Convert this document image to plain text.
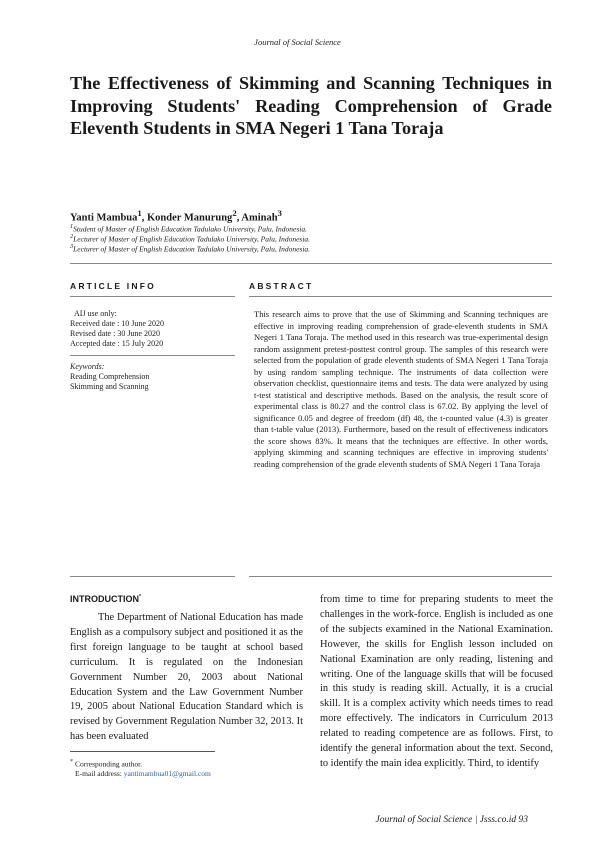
Journal of Social Science
The Effectiveness of Skimming and Scanning Techniques in Improving Students' Reading Comprehension of Grade Eleventh Students in SMA Negeri 1 Tana Toraja
Yanti Mambua$^1$, Konder Manurung$^2$, Aminah$^3$
$^1$Student of Master of English Education Tadulako University, Palu, Indonesia.
$^2$Lecturer of Master of English Education Tadulako University, Palu, Indonesia.
$^3$Lecturer of Master of English Education Tadulako University, Palu, Indonesia.
ARTICLE INFO	ABSTRACT
AIJ use only:
Received date : 10 June 2020
Revised date : 30 June 2020
Accepted date : 15 July 2020
Keywords:
Reading Comprehension
Skimming and Scanning
This research aims to prove that the use of Skimming and Scanning techniques are effective in improving reading comprehension of grade-eleventh students in SMA Negeri 1 Tana Toraja. The method used in this research was true-experimental design random assignment pretest-posttest control group. The samples of this research were selected from the population of grade eleventh students of SMA Negeri 1 Tana Toraja by using random sampling technique. The instruments of data collection were observation checklist, questionnaire items and tests. The data were analyzed by using t-test statistical and descriptive methods. Based on the analysis, the result score of experimental class is 80.27 and the control class is 67.02. By applying the level of significance 0.05 and degree of freedom (df) 48, the t-counted value (4.3) is greater than t-table value (2013). Furthermore, based on the result of effectiveness indicators the score shows 83%. It means that the techniques are effective. In other words, applying skimming and scanning techniques are effective in improving students' reading comprehension of the grade eleventh students of SMA Negeri 1 Tana Toraja
INTRODUCTION*

The Department of National Education has made English as a compulsory subject and positioned it as the first foreign language to be taught at school based curriculum. It is regulated on the Indonesian Government Number 20, 2003 about National Education System and the Law Government Number 19, 2005 about National Education Standard which is revised by Government Regulation Number 32, 2013. It has been evaluated

from time to time for preparing students to meet the challenges in the work-force. English is included as one of the subjects examined in the National Examination. However, the skills for English lesson included on National Examination are only reading, listening and writing. One of the language skills that will be focused in this study is reading skill. Actually, it is a crucial skill. It is a complex activity which needs times to read more effectively. The indicators in Curriculum 2013 related to reading competence are as follows. First, to identify the general information about the text. Second, to identify the main idea explicitly. Third, to identify

* Corresponding author.
E-mail address: yantimambua01@gmail.com
Journal of Social Science | Jsss.co.id 93
